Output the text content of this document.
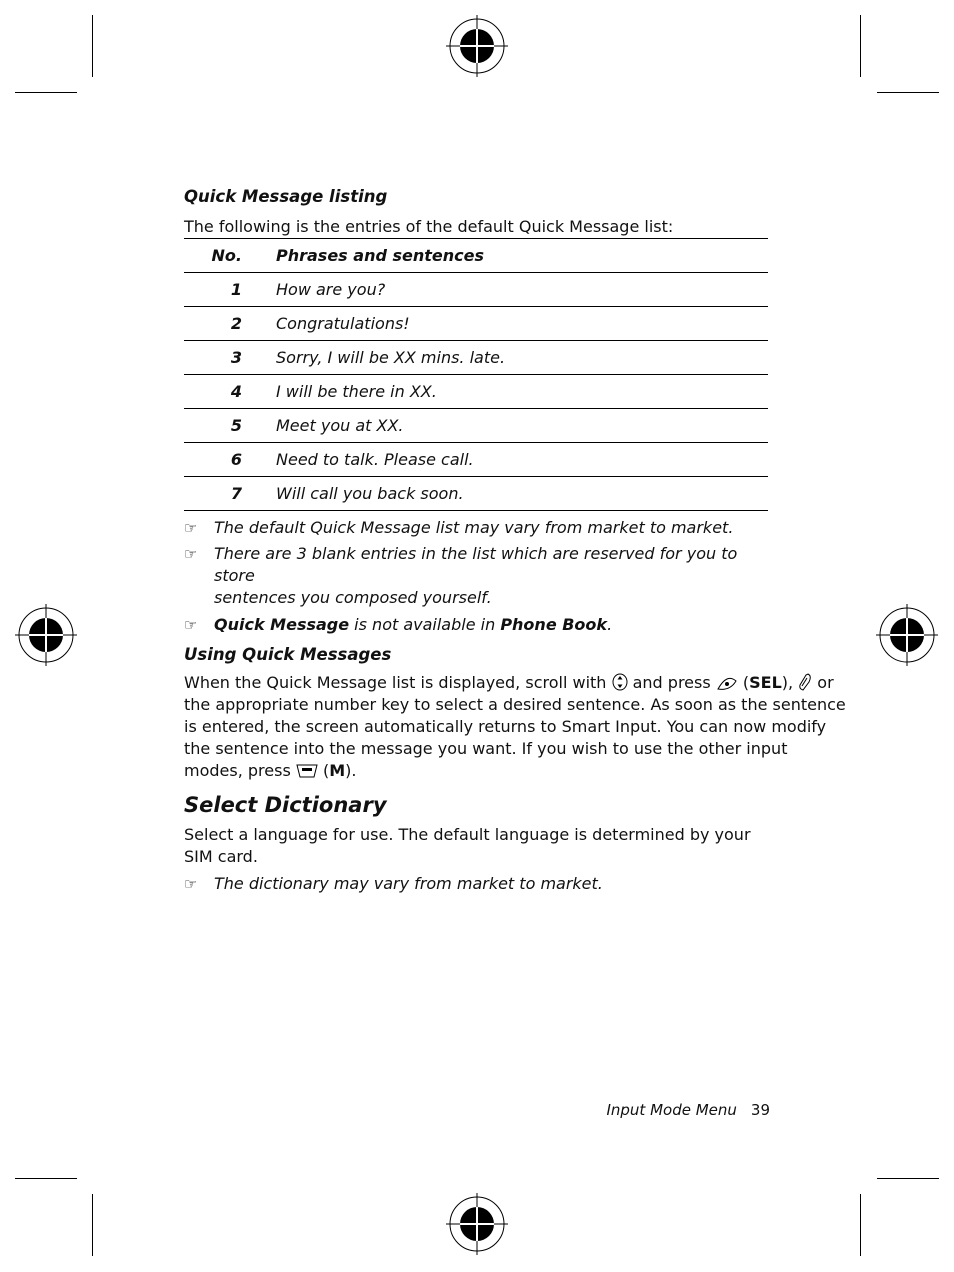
Quick Message listing

The following is the entries of the default Quick Message list:

No. Phrases and sentences
1 How are you?
2 Congratulations!
3 Sorry, I will be XX mins. late.
4 I will be there in XX.
5 Meet you at XX.
6 Need to talk. Please call.
7 Will call you back soon.
☞	The default Quick Message list may vary from market to market.
☞	There are 3 blank entries in the list which are reserved for you to store
sentences you composed yourself.
☞	Quick Message is not available in Phone Book.

Using Quick Messages

When the Quick Message list is displayed, scroll with  and press  (SEL),  or
the appropriate number key to select a desired sentence. As soon as the sentence
is entered, the screen automatically returns to Smart Input. You can now modify
the sentence into the message you want. If you wish to use the other input
modes, press  (M).

Select Dictionary

Select a language for use. The default language is determined by your SIM card.

☞	The dictionary may vary from market to market.
Input Mode Menu 39
